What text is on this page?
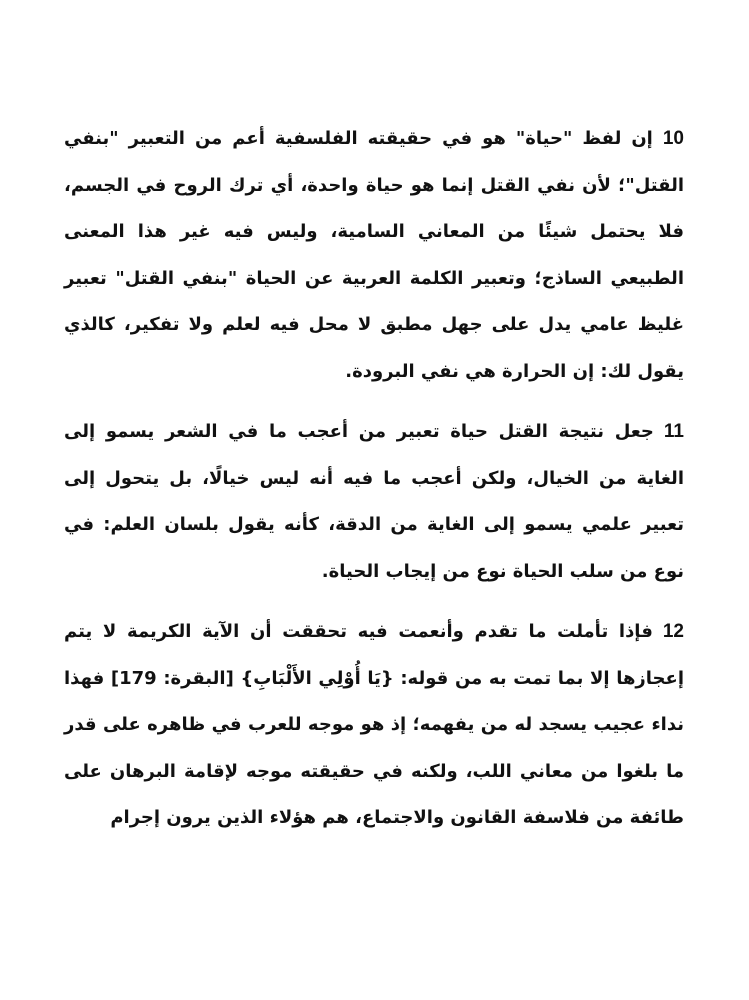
10إن لفظ "حياة" هو في حقيقته الفلسفية أعم من التعبير "بنفي القتل"؛ لأن نفي القتل إنما هو حياة واحدة، أي ترك الروح في الجسم، فلا يحتمل شيئًا من المعاني السامية، وليس فيه غير هذا المعنى الطبيعي الساذج؛ وتعبير الكلمة العربية عن الحياة "بنفي القتل" تعبير غليظ عامي يدل على جهل مطبق لا محل فيه لعلم ولا تفكير، كالذي يقول لك: إن الحرارة هي نفي البرودة.

11جعل نتيجة القتل حياة تعبير من أعجب ما في الشعر يسمو إلى الغاية من الخيال، ولكن أعجب ما فيه أنه ليس خيالًا، بل يتحول إلى تعبير علمي يسمو إلى الغاية من الدقة، كأنه يقول بلسان العلم: في نوع من سلب الحياة نوع من إيجاب الحياة.

12فإذا تأملت ما تقدم وأنعمت فيه تحققت أن الآية الكريمة لا يتم إعجازها إلا بما تمت به من قوله: {يَا أُوْلِي الأَلْبَابِ} [البقرة: 179] فهذا نداء عجيب يسجد له من يفهمه؛ إذ هو موجه للعرب في ظاهره على قدر ما بلغوا من معاني اللب، ولكنه في حقيقته موجه لإقامة البرهان على طائفة من فلاسفة القانون والاجتماع، هم هؤلاء الذين يرون إجرام
